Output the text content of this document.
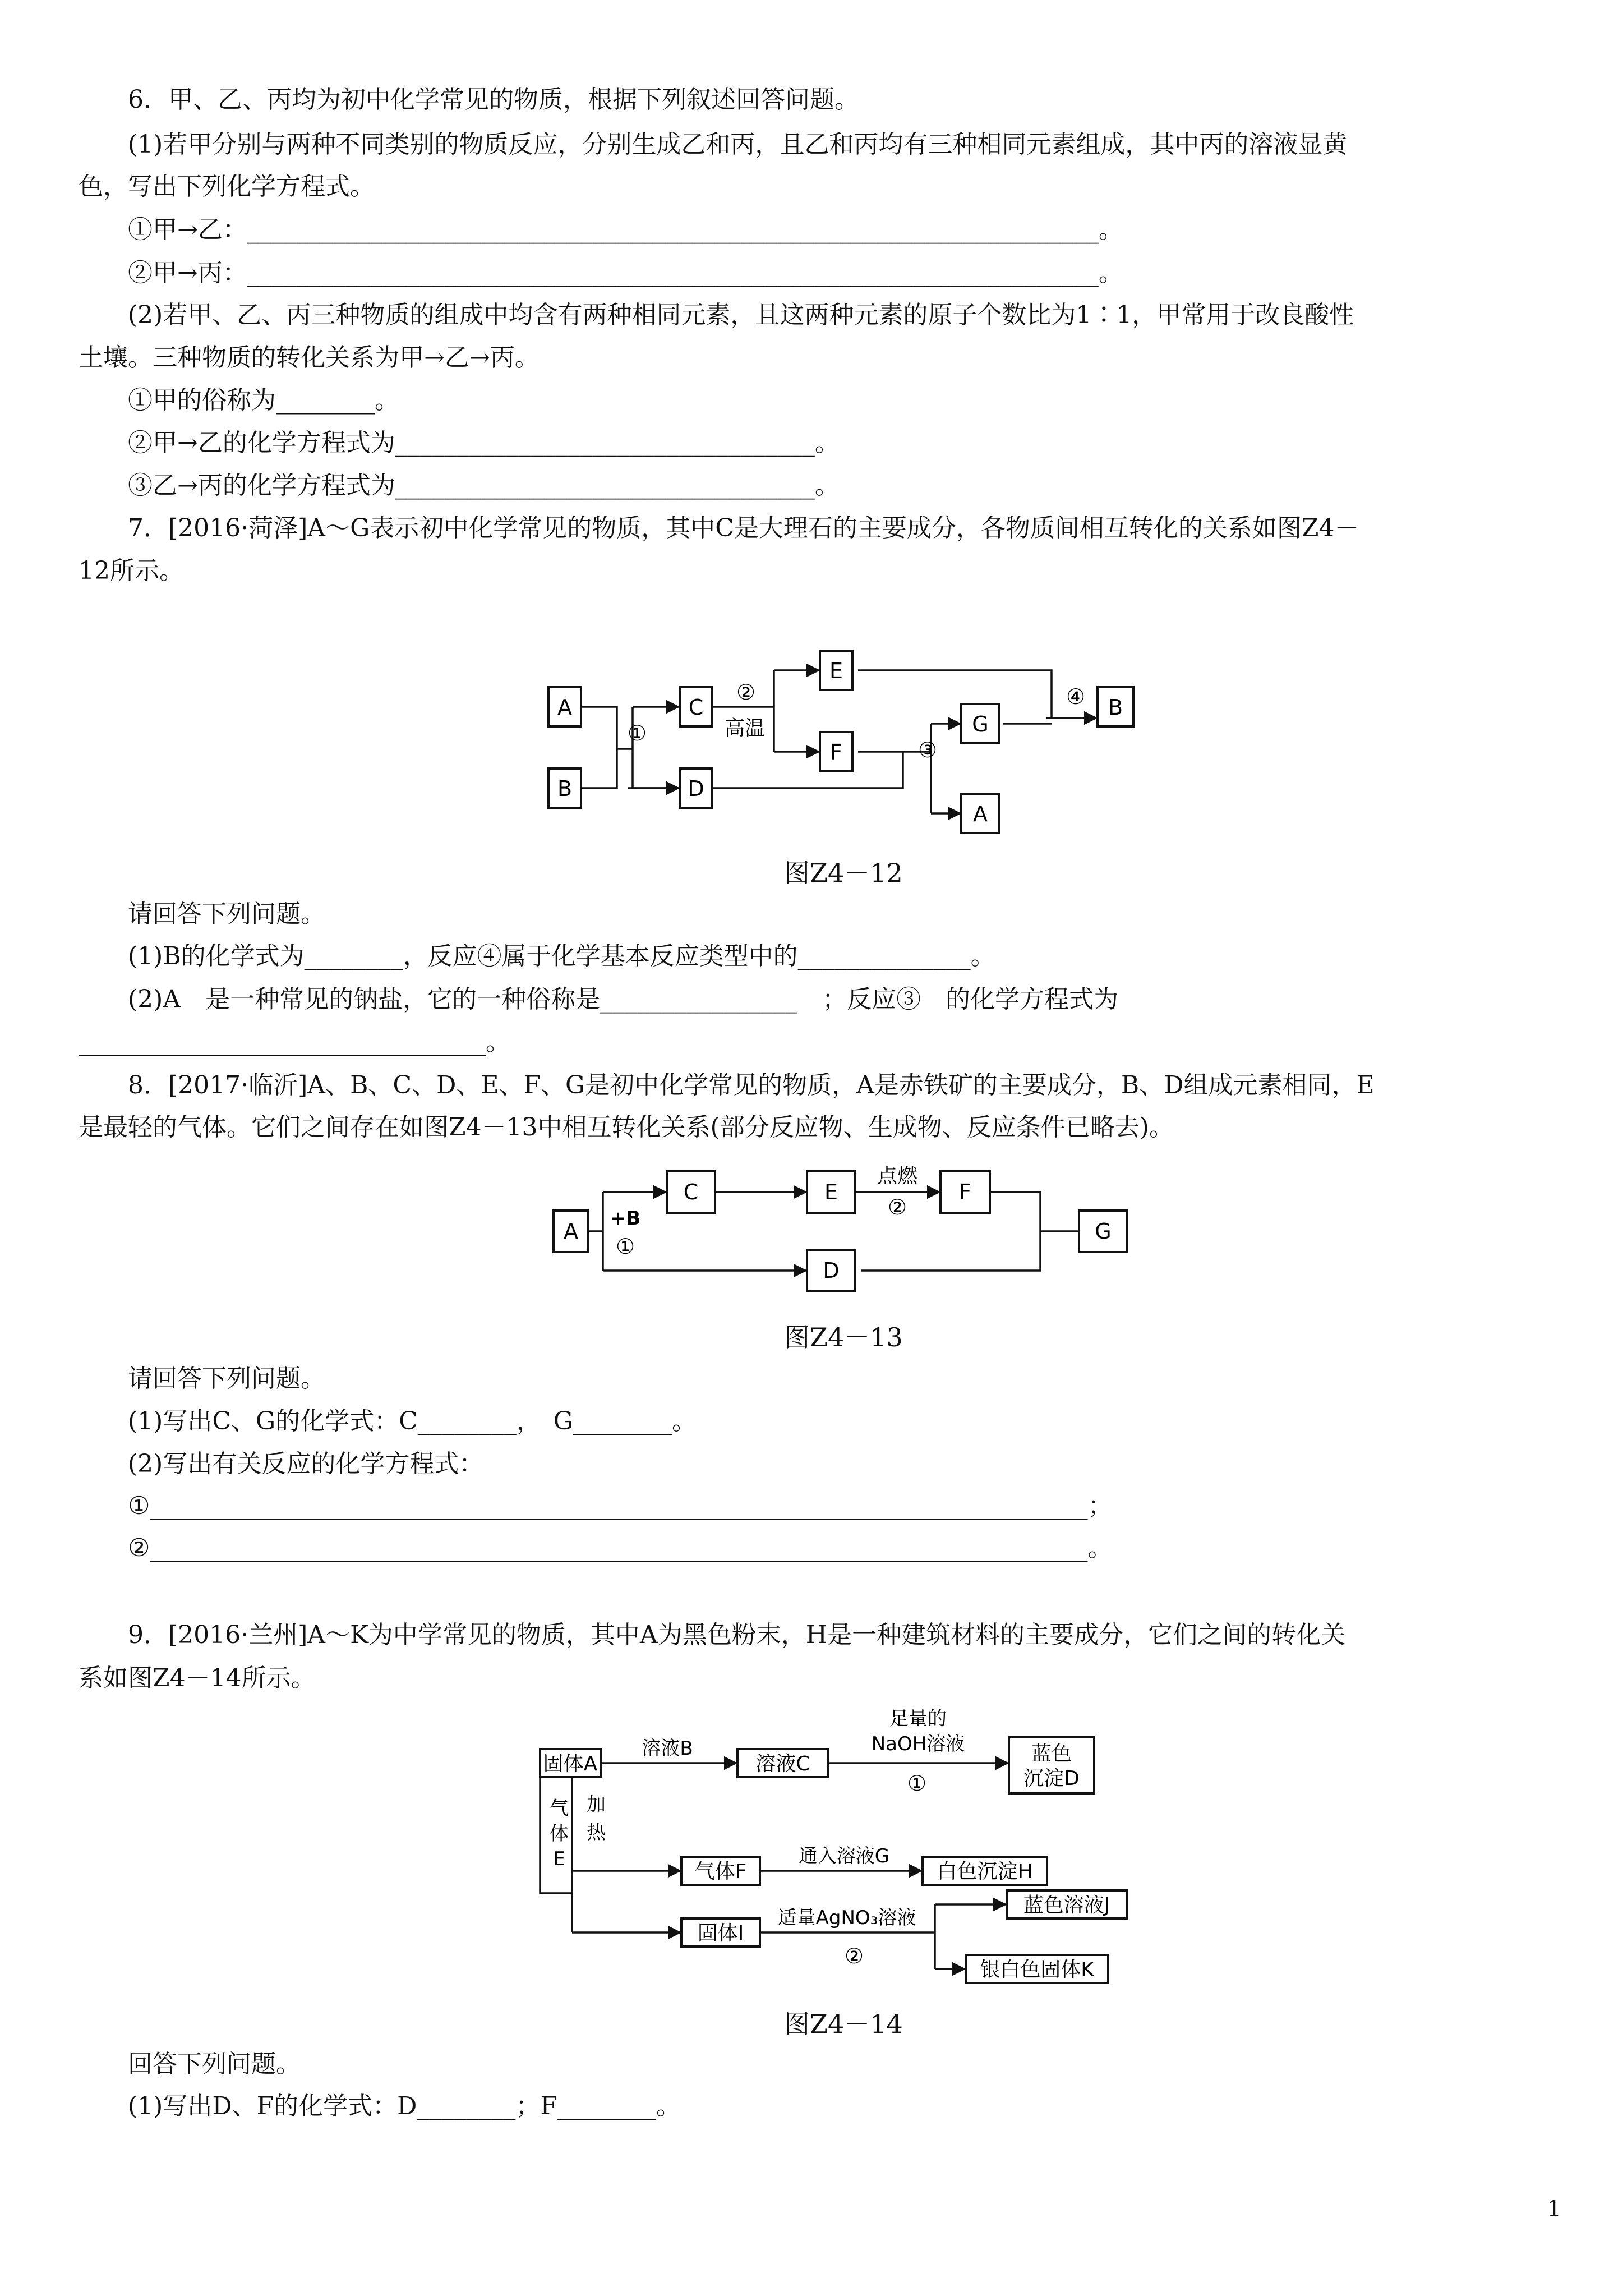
6．甲、乙、丙均为初中化学常见的物质，根据下列叙述回答问题。
(1)若甲分别与两种不同类别的物质反应，分别生成乙和丙，且乙和丙均有三种相同元素组成，其中丙的溶液显黄
色，写出下列化学方程式。
①甲→乙：_____________________________________________________________________。
②甲→丙：_____________________________________________________________________。
(2)若甲、乙、丙三种物质的组成中均含有两种相同元素，且这两种元素的原子个数比为1∶1，甲常用于改良酸性
土壤。三种物质的转化关系为甲→乙→丙。
①甲的俗称为________。
②甲→乙的化学方程式为__________________________________。
③乙→丙的化学方程式为__________________________________。
7．[2016·菏泽]A～G表示初中化学常见的物质，其中C是大理石的主要成分，各物质间相互转化的关系如图Z4－
12所示。
A
B
C
D
E
F
G
A
B
①
②
高温
③
④
图Z4－12
请回答下列问题。
(1)B的化学式为________，反应④属于化学基本反应类型中的______________。
(2)A　是一种常见的钠盐，它的一种俗称是________________　；反应③　的化学方程式为
_________________________________。
8．[2017·临沂]A、B、C、D、E、F、G是初中化学常见的物质，A是赤铁矿的主要成分，B、D组成元素相同，E
是最轻的气体。它们之间存在如图Z4－13中相互转化关系(部分反应物、生成物、反应条件已略去)。
A
C	E	F
D
G
+B
①
点燃
②
图Z4－13
请回答下列问题。
(1)写出C、G的化学式：C________，　G________。
(2)写出有关反应的化学方程式：
①____________________________________________________________________________；
②____________________________________________________________________________。
9．[2016·兰州]A～K为中学常见的物质，其中A为黑色粉末，H是一种建筑材料的主要成分，它们之间的转化关
系如图Z4－14所示。
固体A	溶液C	蓝色
沉淀D
气体F	白色沉淀H
固体I
蓝色溶液J
银白色固体K
溶液B
足量的
NaOH溶液
①
加
热
气
体
E	通入溶液G
适量AgNO₃溶液
②
图Z4－14
回答下列问题。
(1)写出D、F的化学式：D________；F________。
1
